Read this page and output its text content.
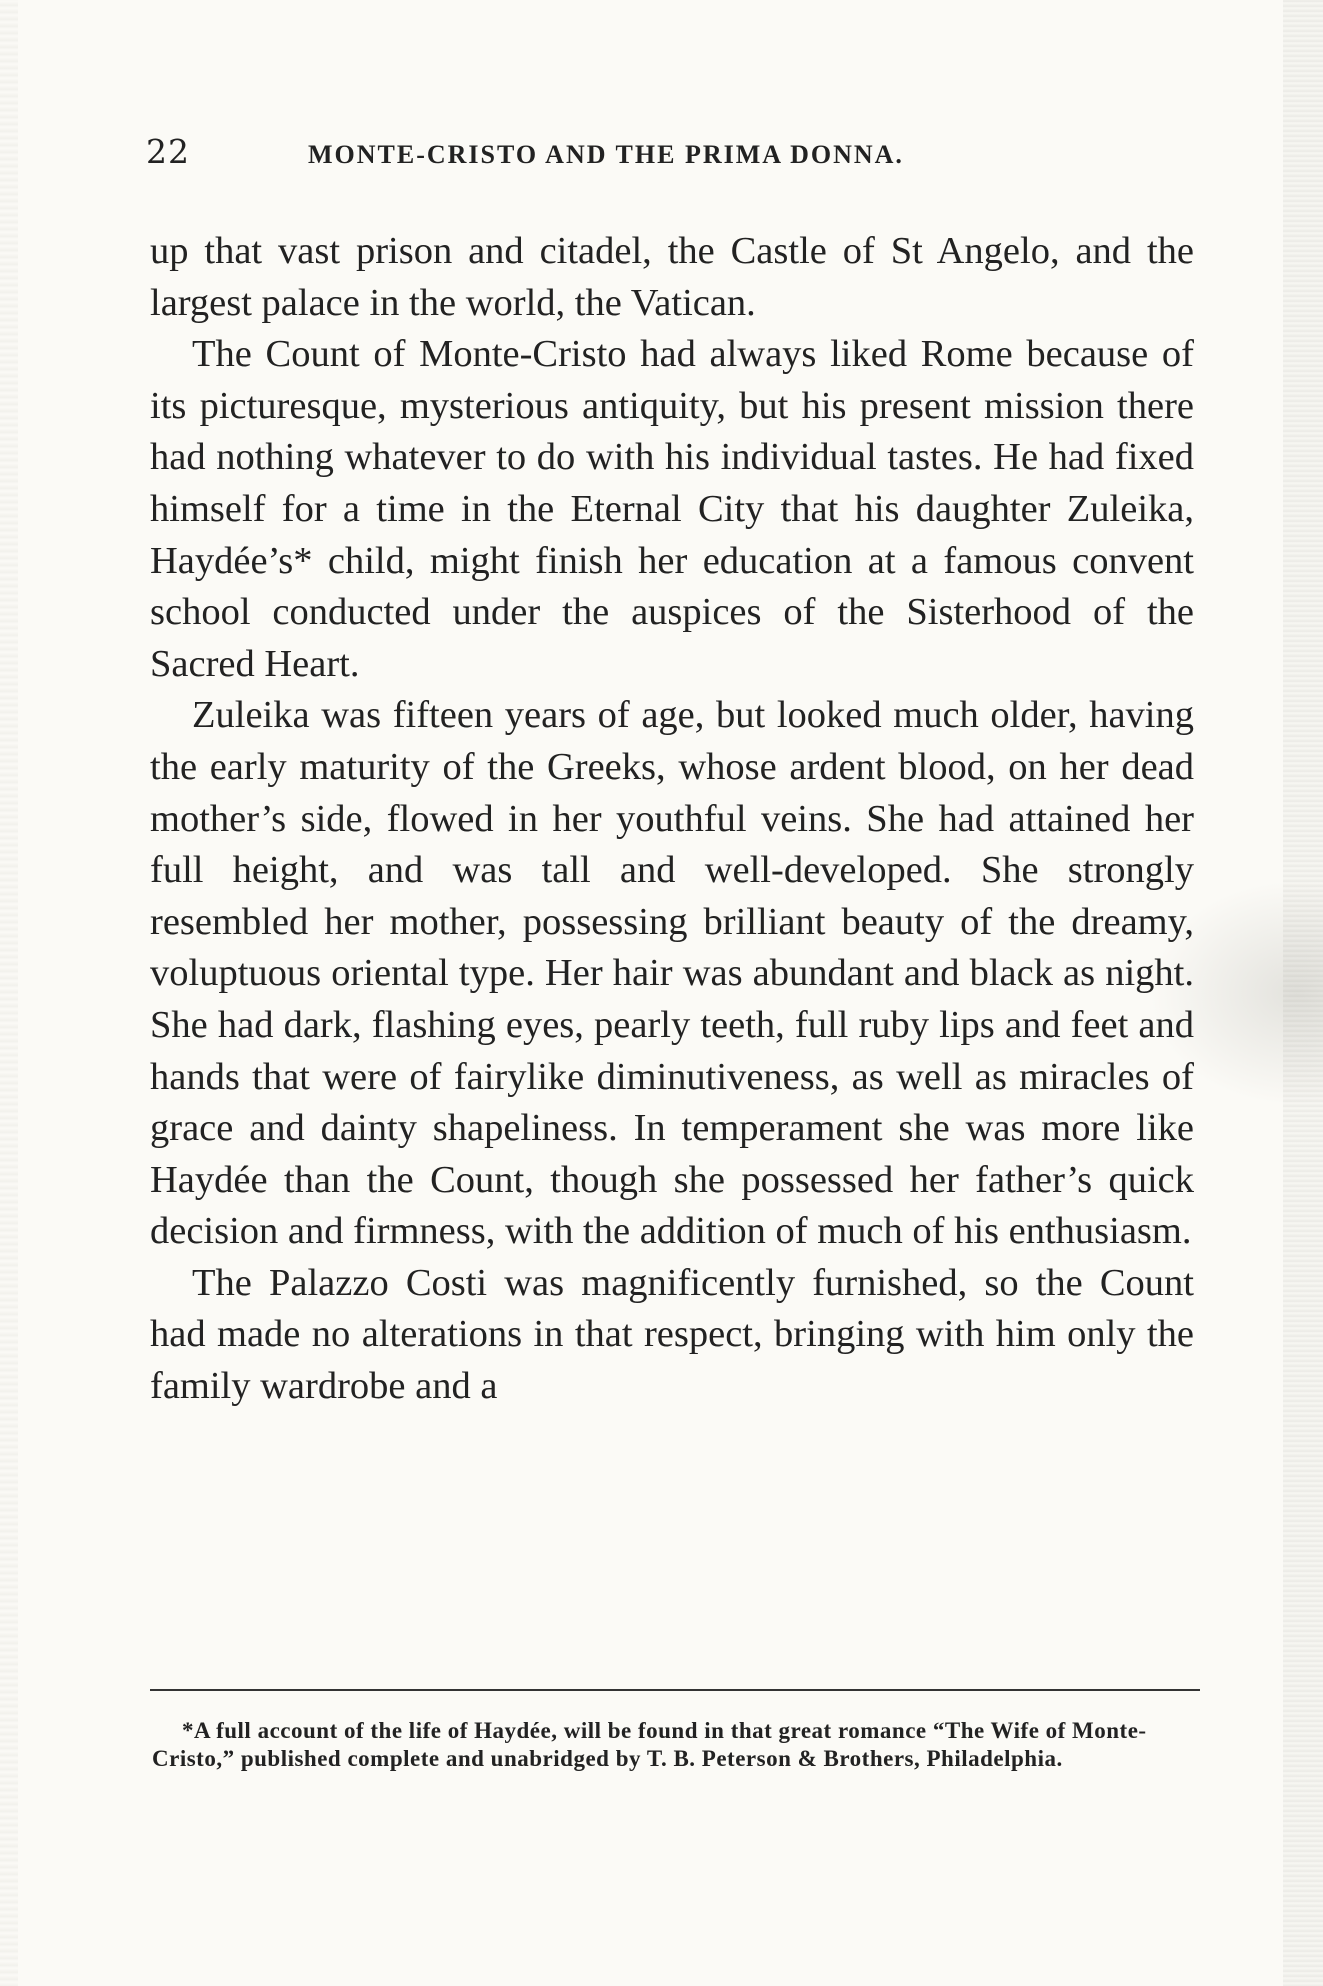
22	MONTE-CRISTO AND THE PRIMA DONNA.

up that vast prison and citadel, the Castle of St Angelo, and the largest palace in the world, the Vatican.

The Count of Monte-Cristo had always liked Rome because of its picturesque, mysterious antiquity, but his present mission there had nothing whatever to do with his individual tastes. He had fixed himself for a time in the Eternal City that his daughter Zuleika, Haydée’s* child, might finish her education at a famous convent school conducted under the auspices of the Sisterhood of the Sacred Heart.

Zuleika was fifteen years of age, but looked much older, having the early maturity of the Greeks, whose ardent blood, on her dead mother’s side, flowed in her youthful veins. She had attained her full height, and was tall and well-developed. She strongly resembled her mother, possessing brilliant beauty of the dreamy, voluptuous oriental type. Her hair was abundant and black as night. She had dark, flashing eyes, pearly teeth, full ruby lips and feet and hands that were of fairylike diminutiveness, as well as miracles of grace and dainty shapeliness. In temperament she was more like Haydée than the Count, though she possessed her father’s quick decision and firmness, with the addition of much of his enthusiasm.

The Palazzo Costi was magnificently furnished, so the Count had made no alterations in that respect, bringing with him only the family wardrobe and a

*A full account of the life of Haydée, will be found in that great romance “The Wife of Monte-Cristo,” published complete and unabridged by T. B. Peterson & Brothers, Philadelphia.
